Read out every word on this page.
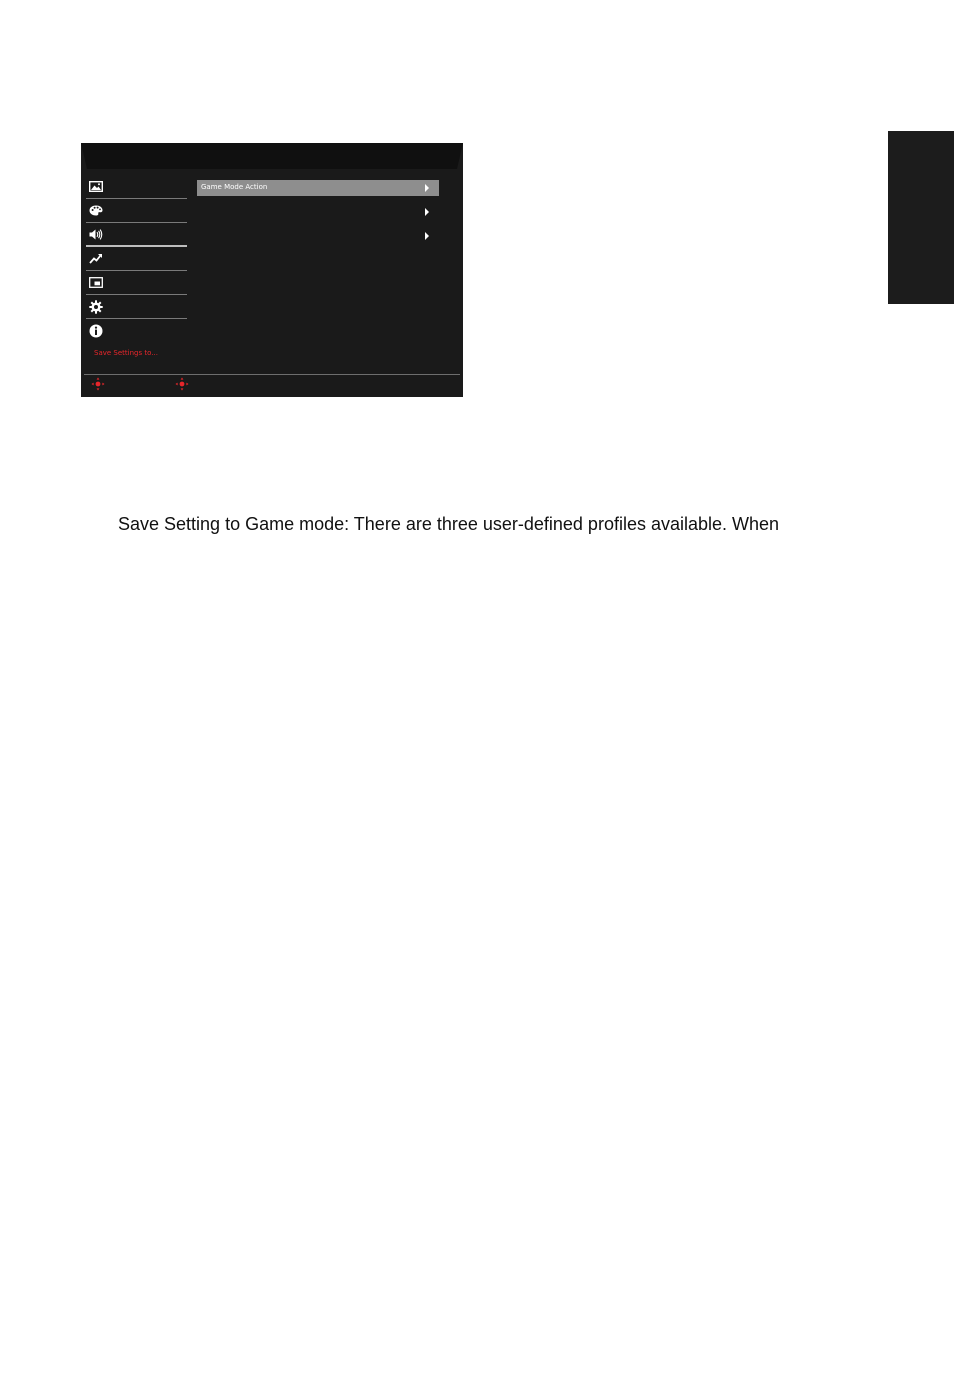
Save Settings to...
Game Mode Action
Save Setting to Game mode: There are three user-defined profiles available. When
